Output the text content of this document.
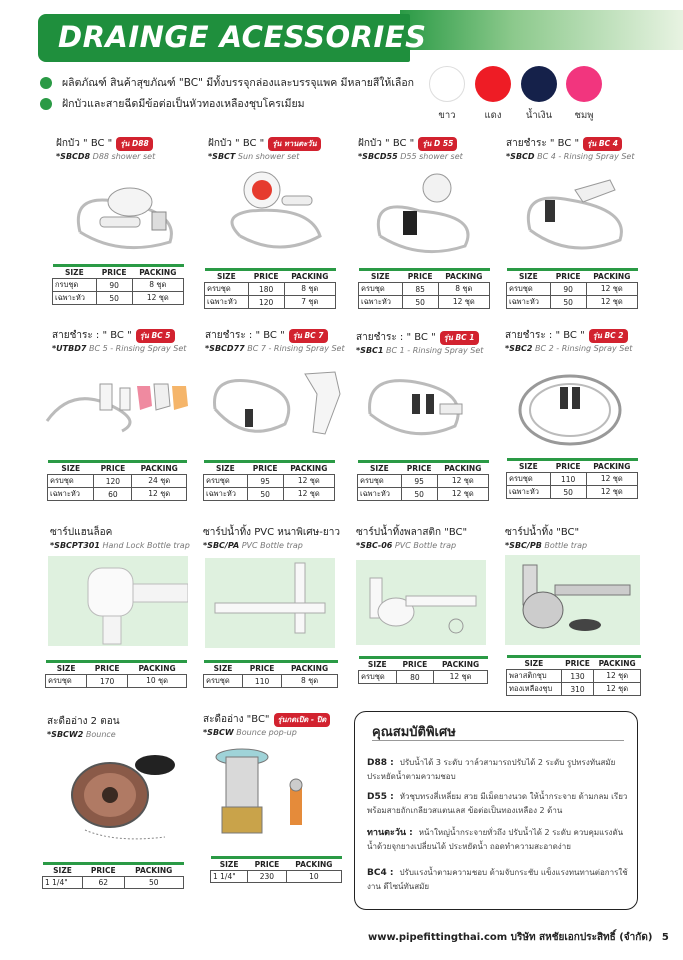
DRAINGE ACESSORIES
ผลิตภัณฑ์ สินค้าสุขภัณฑ์ "BC" มีทั้งบรรจุกล่องและบรรจุแพค มีหลายสีให้เลือก
ฝักบัวและสายฉีดมีข้อต่อเป็นหัวทองเหลืองชุบโครเมียม
ขาว	แดง	น้ำเงิน	ชมพู
ฝักบัว " BC "	รุ่น D88
*SBCD8 D88 shower set
SIZE	PRICE	PACKING
กรบชุด	90	8 ชุด
เฉพาะหัว	50	12 ชุด
ฝักบัว " BC "	รุ่น ทานตะวัน
*SBCT Sun shower set
SIZE	PRICE	PACKING
ครบชุด	180	8 ชุด
เฉพาะหัว	120	7 ชุด
ฝักบัว " BC "	รุ่น D 55
*SBCD55 D55 shower set
SIZE	PRICE	PACKING
ครบชุด	85	8 ชุด
เฉพาะหัว	50	12 ชุด
สายชำระ " BC "	รุ่น BC 4
*SBCD BC 4 - Rinsing Spray Set
SIZE	PRICE	PACKING
ครบชุด	90	12 ชุด
เฉพาะหัว	50	12 ชุด
สายชำระ : " BC "	รุ่น BC 5
*UTBD7 BC 5 - Rinsing Spray Set
SIZE	PRICE	PACKING
ครบชุด	120	24 ชุด
เฉพาะหัว	60	12 ชุด
สายชำระ : " BC "	รุ่น BC 7
*SBCD77 BC 7 - Rinsing Spray Set
SIZE	PRICE	PACKING
ครบชุด	95	12 ชุด
เฉพาะหัว	50	12 ชุด
สายชำระ : " BC "	รุ่น BC 1
*SBC1 BC 1 - Rinsing Spray Set
SIZE	PRICE	PACKING
ครบชุด	95	12 ชุด
เฉพาะหัว	50	12 ชุด
สายชำระ : " BC "	รุ่น BC 2
*SBC2 BC 2 - Rinsing Spray Set
SIZE	PRICE	PACKING
ครบชุด	110	12 ชุด
เฉพาะหัว	50	12 ชุด
ซาร์ปแฮนล็อค
*SBCPT301 Hand Lock Bottle trap
SIZE	PRICE	PACKING
ครบชุด	170	10 ชุด
ซาร์ปน้ำทิ้ง PVC หนาพิเศษ-ยาว
*SBC/PA PVC Bottle trap
SIZE	PRICE	PACKING
ครบชุด	110	8 ชุด
ซาร์ปน้ำทิ้งพลาสติก "BC"
*SBC-06 PVC Bottle trap
SIZE	PRICE	PACKING
ครบชุด	80	12 ชุด
ซาร์ปน้ำทิ้ง "BC"
*SBC/PB Bottle trap
SIZE	PRICE	PACKING
พลาสติกชุบ	130	12 ชุด
ทองเหลืองชุบ	310	12 ชุด
สะดืออ่าง 2 ตอน
*SBCW2 Bounce
SIZE	PRICE	PACKING
1 1/4"	62	50
สะดืออ่าง "BC"	รุ่นกดเปิด - ปิด
*SBCW Bounce pop-up
SIZE	PRICE	PACKING
1 1/4"	230	10
คุณสมบัติพิเศษ
D88 : ปรับน้ำได้ 3 ระดับ วาล์วสามารถปรับได้ 2 ระดับ รูปทรงทันสมัยประหยัดน้ำตามความชอบ
D55 : หัวชุบทรงสี่เหลี่ยม สวย มีเม็ดยางนวด ให้น้ำกระจาย ด้ามกลม เรียว พร้อมสายถักเกลียวสแตนเลส ข้อต่อเป็นทองเหลือง 2 ด้าน
ทานตะวัน : หน้าใหญ่น้ำกระจายทั่วถึง ปรับน้ำได้ 2 ระดับ ควบคุมแรงดันน้ำด้วยจุกยางเปลี่ยนได้ ประหยัดน้ำ ถอดทำความสะอาดง่าย
BC4 : ปรับแรงน้ำตามความชอบ ด้ามจับกระชับ แข็งแรงทนทานต่อการใช้งาน ดีไซน์ทันสมัย
www.pipefittingthai.com บริษัท สหชัยเอกประสิทธิ์ (จำกัด) 5
